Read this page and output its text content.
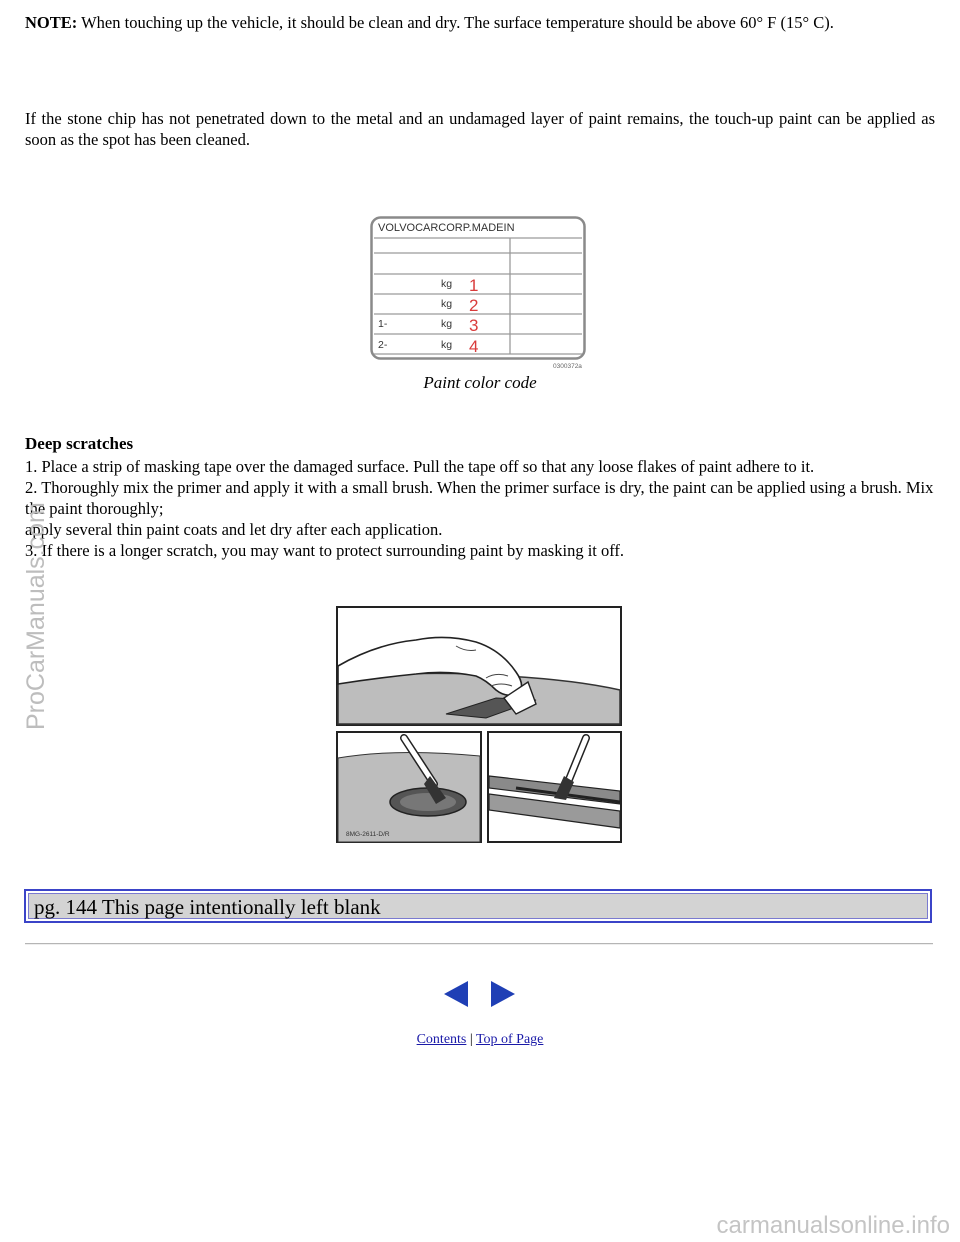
NOTE: When touching up the vehicle, it should be clean and dry. The surface temperature should be above 60° F (15° C).

If the stone chip has not penetrated down to the metal and an undamaged layer of paint remains, the touch-up paint can be applied as soon as the spot has been cleaned.

VOLVOCARCORP.MADEIN
kg
kg
1-	kg
2-	kg
1
2
3
4
0300372a
Paint color code
Deep scratches
1. Place a strip of masking tape over the damaged surface. Pull the tape off so that any loose flakes of paint adhere to it.
2. Thoroughly mix the primer and apply it with a small brush. When the primer surface is dry, the paint can be applied using a brush. Mix the paint thoroughly;
apply several thin paint coats and let dry after each application.
3. If there is a longer scratch, you may want to protect surrounding paint by masking it off.
8MG-2611-D/R
pg. 144 This page intentionally left blank
Contents | Top of Page
ProCarManuals.com
carmanualsonline.info
